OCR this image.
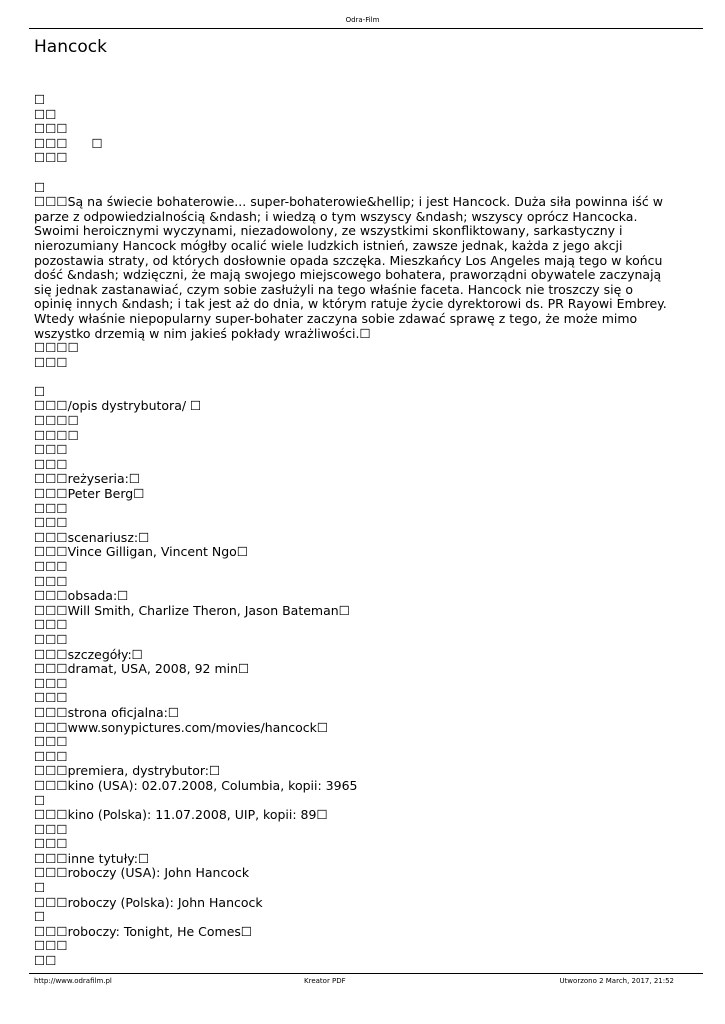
Odra-Film
Hancock
☐
☐☐
☐☐☐
☐☐☐      ☐
☐☐☐
☐
☐☐☐Są na świecie bohaterowie... super-bohaterowie&hellip; i jest Hancock. Duża siła powinna iść w parze z odpowiedzialnością &ndash; i wiedzą o tym wszyscy &ndash; wszyscy oprócz Hancocka. Swoimi heroicznymi wyczynami, niezadowolony, ze wszystkimi skonfliktowany, sarkastyczny i nierozumiany Hancock mógłby ocalić wiele ludzkich istnień, zawsze jednak, każda z jego akcji pozostawia straty, od których dosłownie opada szczęka. Mieszkańcy Los Angeles mają tego w końcu dość &ndash; wdzięczni, że mają swojego miejscowego bohatera, praworządni obywatele zaczynają się jednak zastanawiać, czym sobie zasłużyli na tego właśnie faceta. Hancock nie troszczy się o opinię innych &ndash; i tak jest aż do dnia, w którym ratuje życie dyrektorowi ds. PR Rayowi Embrey. Wtedy właśnie niepopularny super-bohater zaczyna sobie zdawać sprawę z tego, że może mimo wszystko drzemią w nim jakieś pokłady wrażliwości.☐
☐☐☐☐
☐☐☐
☐
☐☐☐/opis dystrybutora/ ☐
☐☐☐☐
☐☐☐☐
☐☐☐
☐☐☐
☐☐☐reżyseria:☐
☐☐☐Peter Berg☐
☐☐☐
☐☐☐
☐☐☐scenariusz:☐
☐☐☐Vince Gilligan, Vincent Ngo☐
☐☐☐
☐☐☐
☐☐☐obsada:☐
☐☐☐Will Smith, Charlize Theron, Jason Bateman☐
☐☐☐
☐☐☐
☐☐☐szczegóły:☐
☐☐☐dramat, USA, 2008, 92 min☐
☐☐☐
☐☐☐
☐☐☐strona oficjalna:☐
☐☐☐www.sonypictures.com/movies/hancock☐
☐☐☐
☐☐☐
☐☐☐premiera, dystrybutor:☐
☐☐☐kino (USA): 02.07.2008, Columbia, kopii: 3965
☐
☐☐☐kino (Polska): 11.07.2008, UIP, kopii: 89☐
☐☐☐
☐☐☐
☐☐☐inne tytuły:☐
☐☐☐roboczy (USA): John Hancock
☐
☐☐☐roboczy (Polska): John Hancock
☐
☐☐☐roboczy: Tonight, He Comes☐
☐☐☐
☐☐
http://www.odrafilm.pl	Kreator PDF	Utworzono 2 March, 2017, 21:52
